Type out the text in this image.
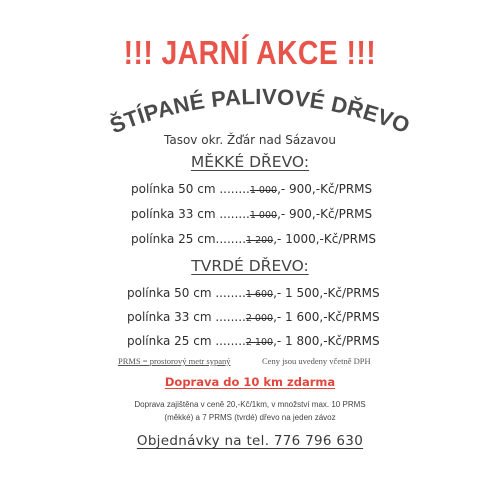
!!! JARNÍ AKCE !!!
ŠTÍPANÉ PALIVOVÉ DŘEVO
Tasov okr. Žďár nad Sázavou
MĚKKÉ DŘEVO:
polínka 50 cm ........1 000,- 900,-Kč/PRMS
polínka 33 cm ........1 000,- 900,-Kč/PRMS
polínka 25 cm........1 200,- 1000,-Kč/PRMS
TVRDÉ DŘEVO:
polínka 50 cm ........1 600,- 1 500,-Kč/PRMS
polínka 33 cm ........2 000,- 1 600,-Kč/PRMS
polínka 25 cm ........2 100,- 1 800,-Kč/PRMS
PRMS = prostorový metr sypaný	Ceny jsou uvedeny včetně DPH
Doprava do 10 km zdarma
Doprava zajištěna v ceně 20,-Kč/1km, v množství max. 10 PRMS
(měkké) a 7 PRMS (tvrdé) dřevo na jeden závoz
Objednávky na tel. 776 796 630
